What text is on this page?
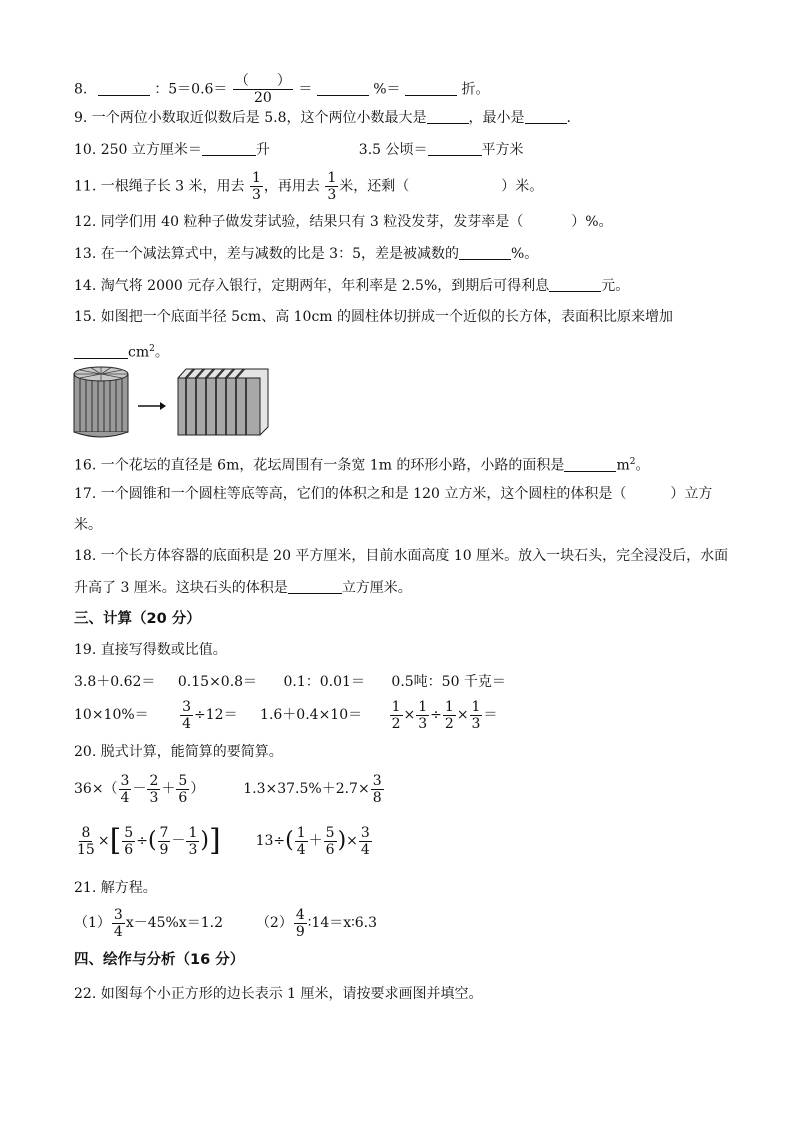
8.	：$5=0.6= \frac{( )}{20}$ ＝	%＝	折。
9. 一个两位小数取近似数后是 5.8，这个两位小数最大是	，最小是	.
10. 250 立方厘米＝	升	3.5 公顷＝	平方米
11. 一根绳子长 3 米，用去 $\frac{1}{3}$ ，再用去 $\frac{1}{3}$ 米，还剩（	）米。
12. 同学们用 40 粒种子做发芽试验，结果只有 3 粒没发芽，发芽率是（	）%。
13. 在一个减法算式中，差与减数的比是 3：5，差是被减数的	%。
14. 淘气将 2000 元存入银行，定期两年，年利率是 2.5%，到期后可得利息	元。
15. 如图把一个底面半径 5cm、高 10cm 的圆柱体切拼成一个近似的长方体，表面积比原来增加
$cm^2$。
16. 一个花坛的直径是 6m，花坛周围有一条宽 1m 的环形小路，小路的面积是	$m^2$。
17. 一个圆锥和一个圆柱等底等高，它们的体积之和是 120 立方米，这个圆柱的体积是（	）立方
米。
18. 一个长方体容器的底面积是 20 平方厘米，目前水面高度 10 厘米。放入一块石头，完全浸没后，水面
升高了 3 厘米。这块石头的体积是	立方厘米。
三、计算（20 分）
19. 直接写得数或比值。
3.8＋0.62＝ 0.15×0.8＝ 0.1：0.01＝ 0.5吨：50 千克＝
$10\times 10\%= \frac{3}{4} \div 12= 1.6+0.4\times 10= \frac{1}{2} \times \frac{1}{3} \div \frac{1}{2} \times \frac{1}{3}$ ＝
20. 脱式计算，能简算的要简算。
$36\times( \frac{3}{4} - \frac{2}{3} + \frac{5}{6}$ ）	$1.3\times 37.5\%+2.7\times \frac{3}{8}$
$\frac{8}{15}$ ×[ $\frac{5}{6}$ ÷( $\frac{7}{9} - \frac{1}{3}$ )] $13\div( \frac{1}{4} + \frac{5}{6}$ )× $\frac{3}{4}$
21. 解方程。
$(1) \frac{3}{4} x-45\%x=1.2$ $(2) \frac{4}{9}$ ∶14＝x∶6.3
四、绘作与分析（16 分）
22. 如图每个小正方形的边长表示 1 厘米，请按要求画图并填空。
